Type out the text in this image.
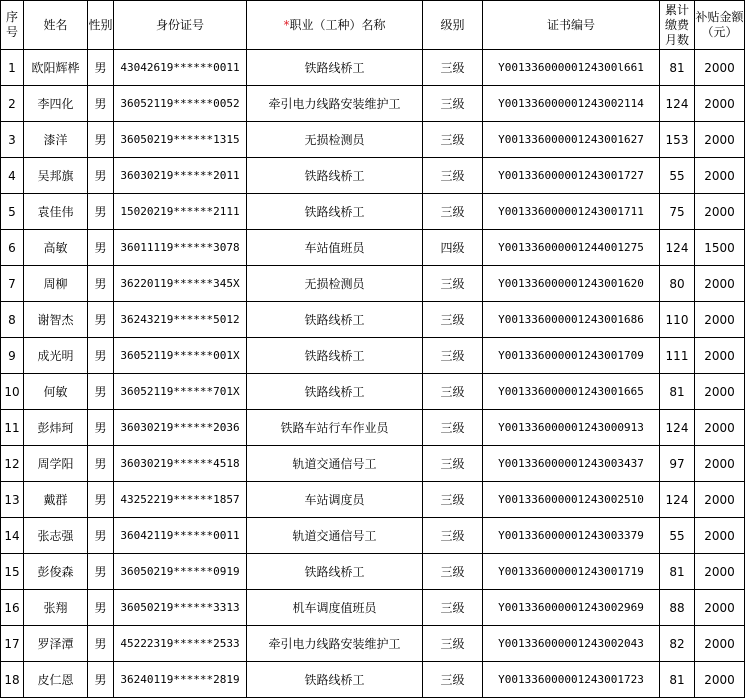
序号	姓名	性别	身份证号	*职业（工种）名称	级别	证书编号	累计缴费月数	补贴金额（元）
1	欧阳辉桦	男	43042619******0011	铁路线桥工	三级	Y00133600000124300l661	81	2000
2	李四化	男	36052119******0052	牵引电力线路安装维护工	三级	Y001336000001243002114	124	2000
3	漆洋	男	36050219******1315	无损检测员	三级	Y001336000001243001627	153	2000
4	吴邦旗	男	36030219******2011	铁路线桥工	三级	Y001336000001243001727	55	2000
5	袁佳伟	男	15020219******2111	铁路线桥工	三级	Y001336000001243001711	75	2000
6	高敏	男	36011119******3078	车站值班员	四级	Y001336000001244001275	124	1500
7	周柳	男	36220119******345X	无损检测员	三级	Y001336000001243001620	80	2000
8	谢智杰	男	36243219******5012	铁路线桥工	三级	Y001336000001243001686	110	2000
9	成光明	男	36052119******001X	铁路线桥工	三级	Y001336000001243001709	111	2000
10	何敏	男	36052119******701X	铁路线桥工	三级	Y001336000001243001665	81	2000
11	彭炜珂	男	36030219******2036	铁路车站行车作业员	三级	Y001336000001243000913	124	2000
12	周学阳	男	36030219******4518	轨道交通信号工	三级	Y001336000001243003437	97	2000
13	戴群	男	43252219******1857	车站调度员	三级	Y001336000001243002510	124	2000
14	张志强	男	36042119******0011	轨道交通信号工	三级	Y001336000001243003379	55	2000
15	彭俊森	男	36050219******0919	铁路线桥工	三级	Y001336000001243001719	81	2000
16	张翔	男	36050219******3313	机车调度值班员	三级	Y001336000001243002969	88	2000
17	罗泽潭	男	45222319******2533	牵引电力线路安装维护工	三级	Y001336000001243002043	82	2000
18	皮仁恩	男	36240119******2819	铁路线桥工	三级	Y001336000001243001723	81	2000
